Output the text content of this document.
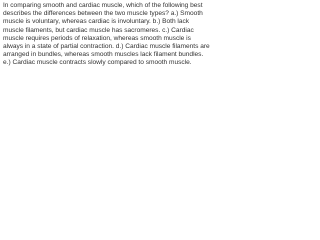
In comparing smooth and cardiac muscle, which of the following best describes the differences between the two muscle types? a.) Smooth muscle is voluntary, whereas cardiac is involuntary. b.) Both lack muscle filaments, but cardiac muscle has sacromeres. c.) Cardiac muscle requires periods of relaxation, whereas smooth muscle is always in a state of partial contraction. d.) Cardiac muscle filaments are arranged in bundles, whereas smooth muscles lack filament bundles. e.) Cardiac muscle contracts slowly compared to smooth muscle.
